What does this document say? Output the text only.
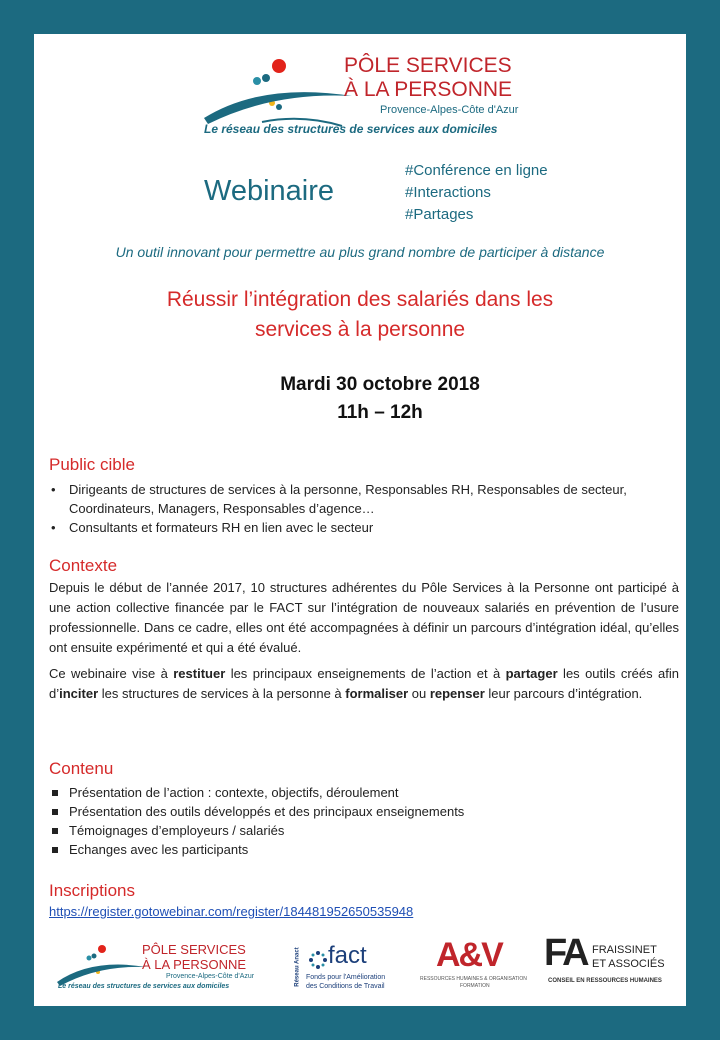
PÔLE SERVICES
À LA PERSONNE
Provence-Alpes-Côte d'Azur
Le réseau des structures de services aux domiciles
Webinaire
#Conférence en ligne
#Interactions
#Partages
Un outil innovant pour permettre au plus grand nombre de participer à distance
Réussir l’intégration des salariés dans les
services à la personne
Mardi 30 octobre 2018
11h – 12h
Public cible
• Dirigeants de structures de services à la personne, Responsables RH, Responsables de secteur, Coordinateurs, Managers, Responsables d’agence…
• Consultants et formateurs RH en lien avec le secteur
Contexte
Depuis le début de l’année 2017, 10 structures adhérentes du Pôle Services à la Personne ont participé à une action collective financée par le FACT sur l’intégration de nouveaux salariés en prévention de l’usure professionnelle. Dans ce cadre, elles ont été accompagnées à définir un parcours d’intégration idéal, qu’elles ont ensuite expérimenté et qui a été évalué.
Ce webinaire vise à restituer les principaux enseignements de l’action et à partager les outils créés afin d’inciter les structures de services à la personne à formaliser ou repenser leur parcours d’intégration.
Contenu
Présentation de l’action : contexte, objectifs, déroulement
Présentation des outils développés et des principaux enseignements
Témoignages d’employeurs / salariés
Echanges avec les participants
Inscriptions
https://register.gotowebinar.com/register/184481952650535948
PÔLE SERVICES
À LA PERSONNE
Provence-Alpes-Côte d'Azur
Le réseau des structures de services aux domiciles	Réseau Anact fact
Fonds pour l'Amélioration
des Conditions de Travail
A&V
RESSOURCES HUMAINES & ORGANISATION
FORMATION
FA FRAISSINET
ET ASSOCIÉS
CONSEIL EN RESSOURCES HUMAINES
